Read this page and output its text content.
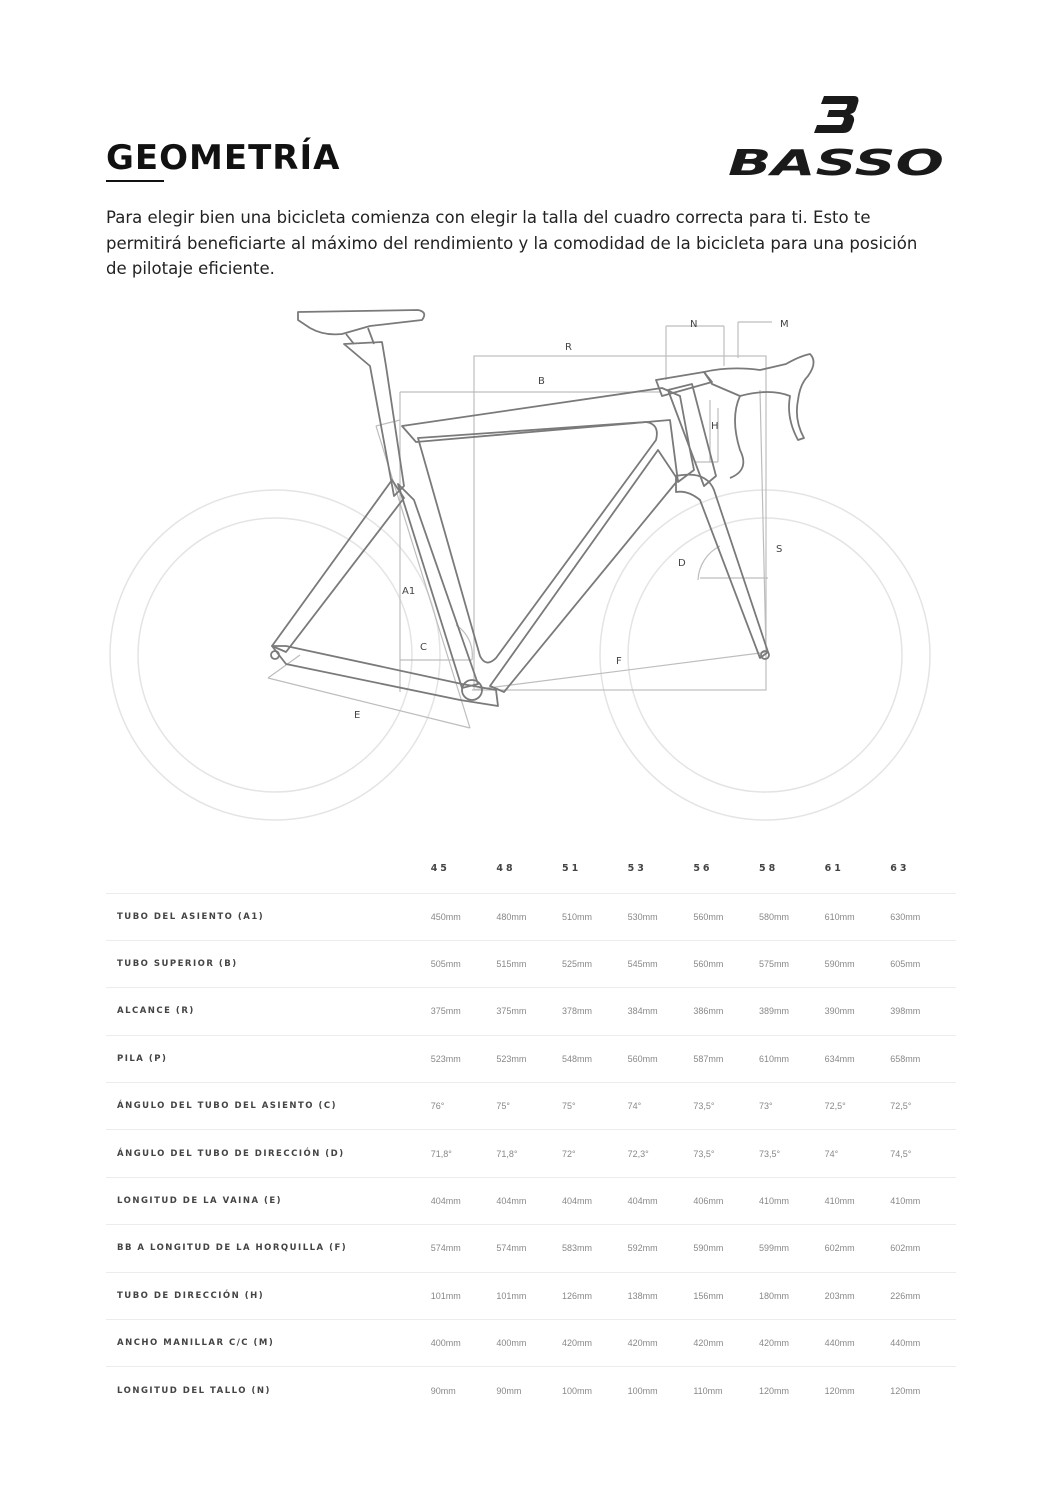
GEOMETRÍA	BASSO

Para elegir bien una bicicleta comienza con elegir la talla del cuadro correcta para ti. Esto te permitirá beneficiarte al máximo del rendimiento y la comodidad de la bicicleta para una posición de pilotaje eficiente.

N	M
R
B
H
S
D
A1
C
F
E
	45	48	51	53	56	58	61	63
TUBO DEL ASIENTO (A1)	450mm	480mm	510mm	530mm	560mm	580mm	610mm	630mm
TUBO SUPERIOR (B)	505mm	515mm	525mm	545mm	560mm	575mm	590mm	605mm
ALCANCE (R)	375mm	375mm	378mm	384mm	386mm	389mm	390mm	398mm
PILA (P)	523mm	523mm	548mm	560mm	587mm	610mm	634mm	658mm
ÁNGULO DEL TUBO DEL ASIENTO (C)	76°	75°	75°	74°	73,5°	73°	72,5°	72,5°
ÁNGULO DEL TUBO DE DIRECCIÓN (D)	71,8°	71,8°	72°	72,3°	73,5°	73,5°	74°	74,5°
LONGITUD DE LA VAINA (E)	404mm	404mm	404mm	404mm	406mm	410mm	410mm	410mm
BB A LONGITUD DE LA HORQUILLA (F)	574mm	574mm	583mm	592mm	590mm	599mm	602mm	602mm
TUBO DE DIRECCIÓN (H)	101mm	101mm	126mm	138mm	156mm	180mm	203mm	226mm
ANCHO MANILLAR C/C (M)	400mm	400mm	420mm	420mm	420mm	420mm	440mm	440mm
LONGITUD DEL TALLO (N)	90mm	90mm	100mm	100mm	110mm	120mm	120mm	120mm
